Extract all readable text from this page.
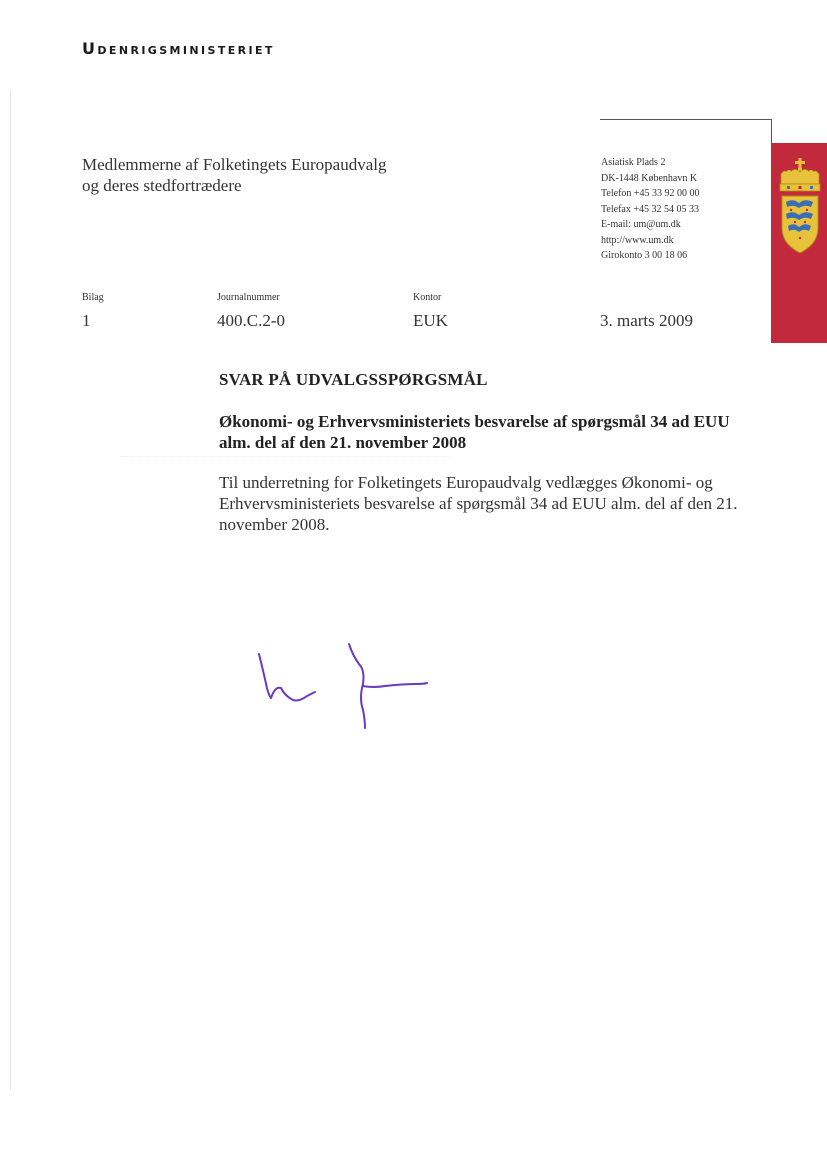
Udenrigsministeriet
Medlemmerne af Folketingets Europaudvalg
og deres stedfortrædere
Asiatisk Plads 2
DK-1448 København K
Telefon +45 33 92 00 00
Telefax +45 32 54 05 33
E-mail: um@um.dk
http://www.um.dk
Girokonto 3 00 18 06
Bilag
1
Journalnummer
400.C.2-0
Kontor
EUK	3. marts 2009
SVAR PÅ UDVALGSSPØRGSMÅL

Økonomi- og Erhvervsministeriets besvarelse af spørgsmål 34 ad EUU alm. del af den 21. november 2008

Til underretning for Folketingets Europaudvalg vedlægges Økonomi- og Erhvervsministeriets besvarelse af spørgsmål 34 ad EUU alm. del af den 21. november 2008.
